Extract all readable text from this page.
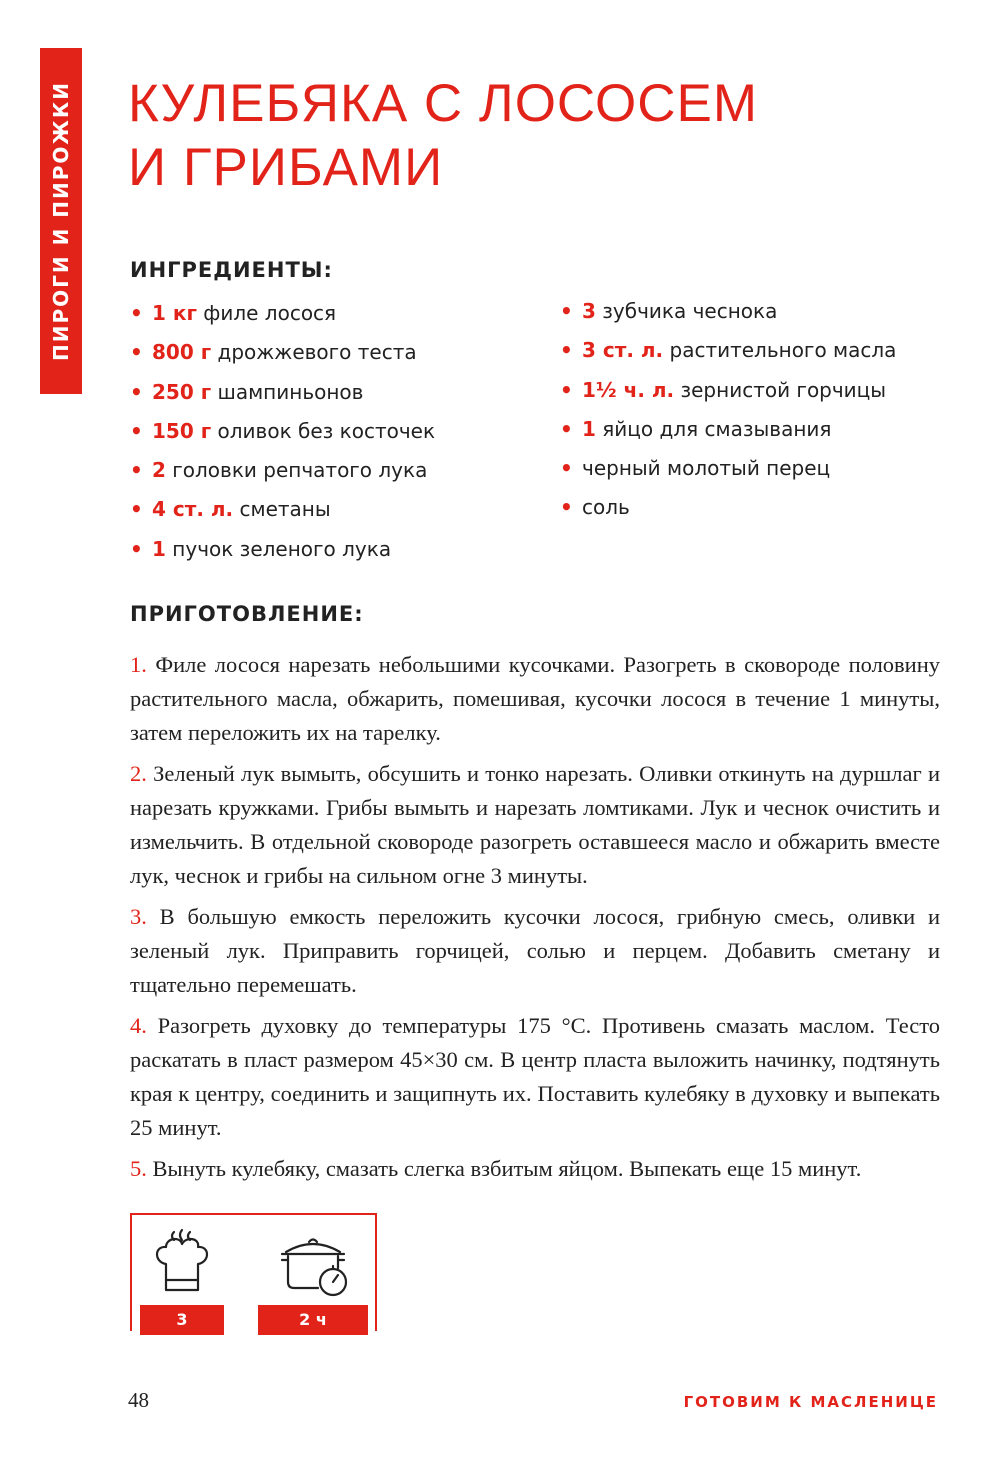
ПИРОГИ И ПИРОЖКИ КУЛЕБЯКА С ЛОСОСЕМ
И ГРИБАМИ
ИНГРЕДИЕНТЫ:
• 1 кг филе лосося
• 800 г дрожжевого теста
• 250 г шампиньонов
• 150 г оливок без косточек
• 2 головки репчатого лука
• 4 ст. л. сметаны
• 1 пучок зеленого лука
• 3 зубчика чеснока
• 3 ст. л. растительного масла
• 1½ ч. л. зернистой горчицы
• 1 яйцо для смазывания
• черный молотый перец
• соль
ПРИГОТОВЛЕНИЕ:

1. Филе лосося нарезать небольшими кусочками. Разогреть в сковороде половину растительного масла, обжарить, помешивая, кусочки лосося в течение 1 минуты, затем переложить их на тарелку.

2. Зеленый лук вымыть, обсушить и тонко нарезать. Оливки откинуть на дуршлаг и нарезать кружками. Грибы вымыть и нарезать ломтиками. Лук и чеснок очистить и измельчить. В отдельной сковороде разогреть оставшееся масло и обжарить вместе лук, чеснок и грибы на сильном огне 3 минуты.

3. В большую емкость переложить кусочки лосося, грибную смесь, оливки и зеленый лук. Приправить горчицей, солью и перцем. Добавить сметану и тщательно перемешать.

4. Разогреть духовку до температуры 175 °С. Противень смазать маслом. Тесто раскатать в пласт размером 45×30 см. В центр пласта выложить начинку, подтянуть края к центру, соединить и защипнуть их. Поставить кулебяку в духовку и выпекать 25 минут.

5. Вынуть кулебяку, смазать слегка взбитым яйцом. Выпекать еще 15 минут.

3	2 ч
48	ГОТОВИМ К МАСЛЕНИЦЕ
